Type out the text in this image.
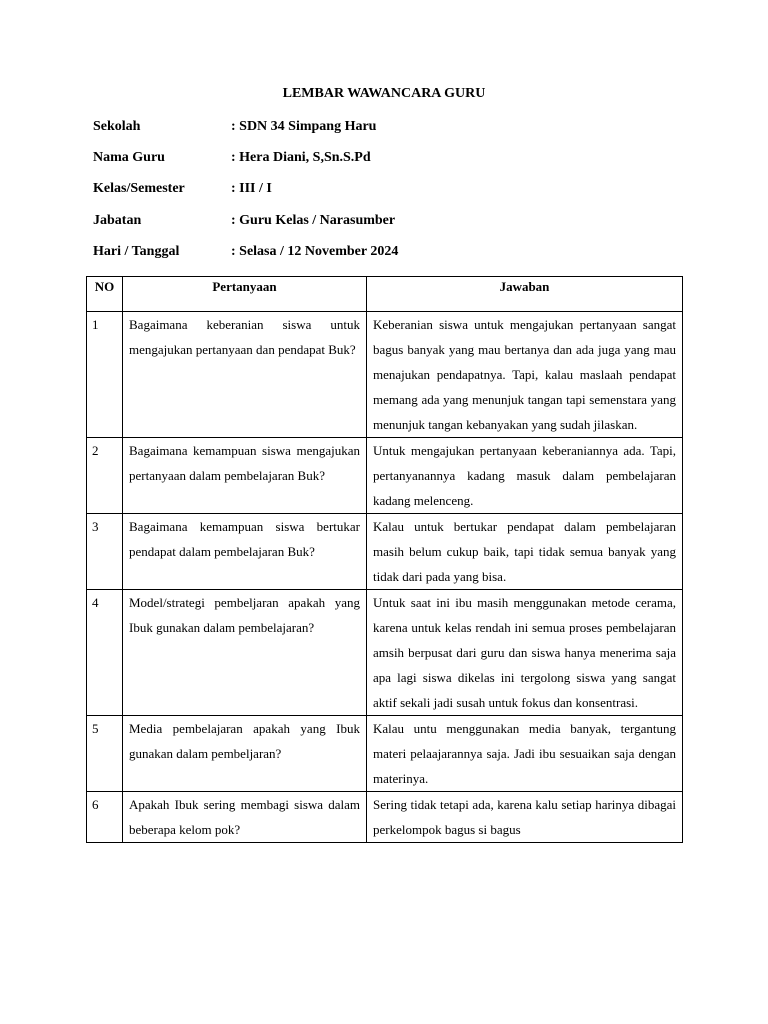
LEMBAR WAWANCARA GURU
Sekolah	: SDN 34 Simpang Haru
Nama Guru	: Hera Diani, S,Sn.S.Pd
Kelas/Semester	: III / I
Jabatan	: Guru Kelas / Narasumber
Hari / Tanggal	: Selasa / 12 November 2024
NO	Pertanyaan	Jawaban
1	Bagaimana keberanian siswa untuk mengajukan pertanyaan dan pendapat Buk?	Keberanian siswa untuk mengajukan pertanyaan sangat bagus banyak yang mau bertanya dan ada juga yang mau menajukan pendapatnya. Tapi, kalau maslaah pendapat memang ada yang menunjuk tangan tapi semenstara yang menunjuk tangan kebanyakan yang sudah jilaskan.
2	Bagaimana kemampuan siswa mengajukan pertanyaan dalam pembelajaran Buk?	Untuk mengajukan pertanyaan keberaniannya ada. Tapi, pertanyanannya kadang masuk dalam pembelajaran kadang melenceng.
3	Bagaimana kemampuan siswa bertukar pendapat dalam pembelajaran Buk?	Kalau untuk bertukar pendapat dalam pembelajaran masih belum cukup baik, tapi tidak semua banyak yang tidak dari pada yang bisa.
4	Model/strategi pembeljaran apakah yang Ibuk gunakan dalam pembelajaran?	Untuk saat ini ibu masih menggunakan metode cerama, karena untuk kelas rendah ini semua proses pembelajaran amsih berpusat dari guru dan siswa hanya menerima saja apa lagi siswa dikelas ini tergolong siswa yang sangat aktif sekali jadi susah untuk fokus dan konsentrasi.
5	Media pembelajaran apakah yang Ibuk gunakan dalam pembeljaran?	Kalau untu menggunakan media banyak, tergantung materi pelaajarannya saja. Jadi ibu sesuaikan saja dengan materinya.
6	Apakah Ibuk sering membagi siswa dalam beberapa kelom pok?	Sering tidak tetapi ada, karena kalu setiap harinya dibagai perkelompok bagus si bagus
